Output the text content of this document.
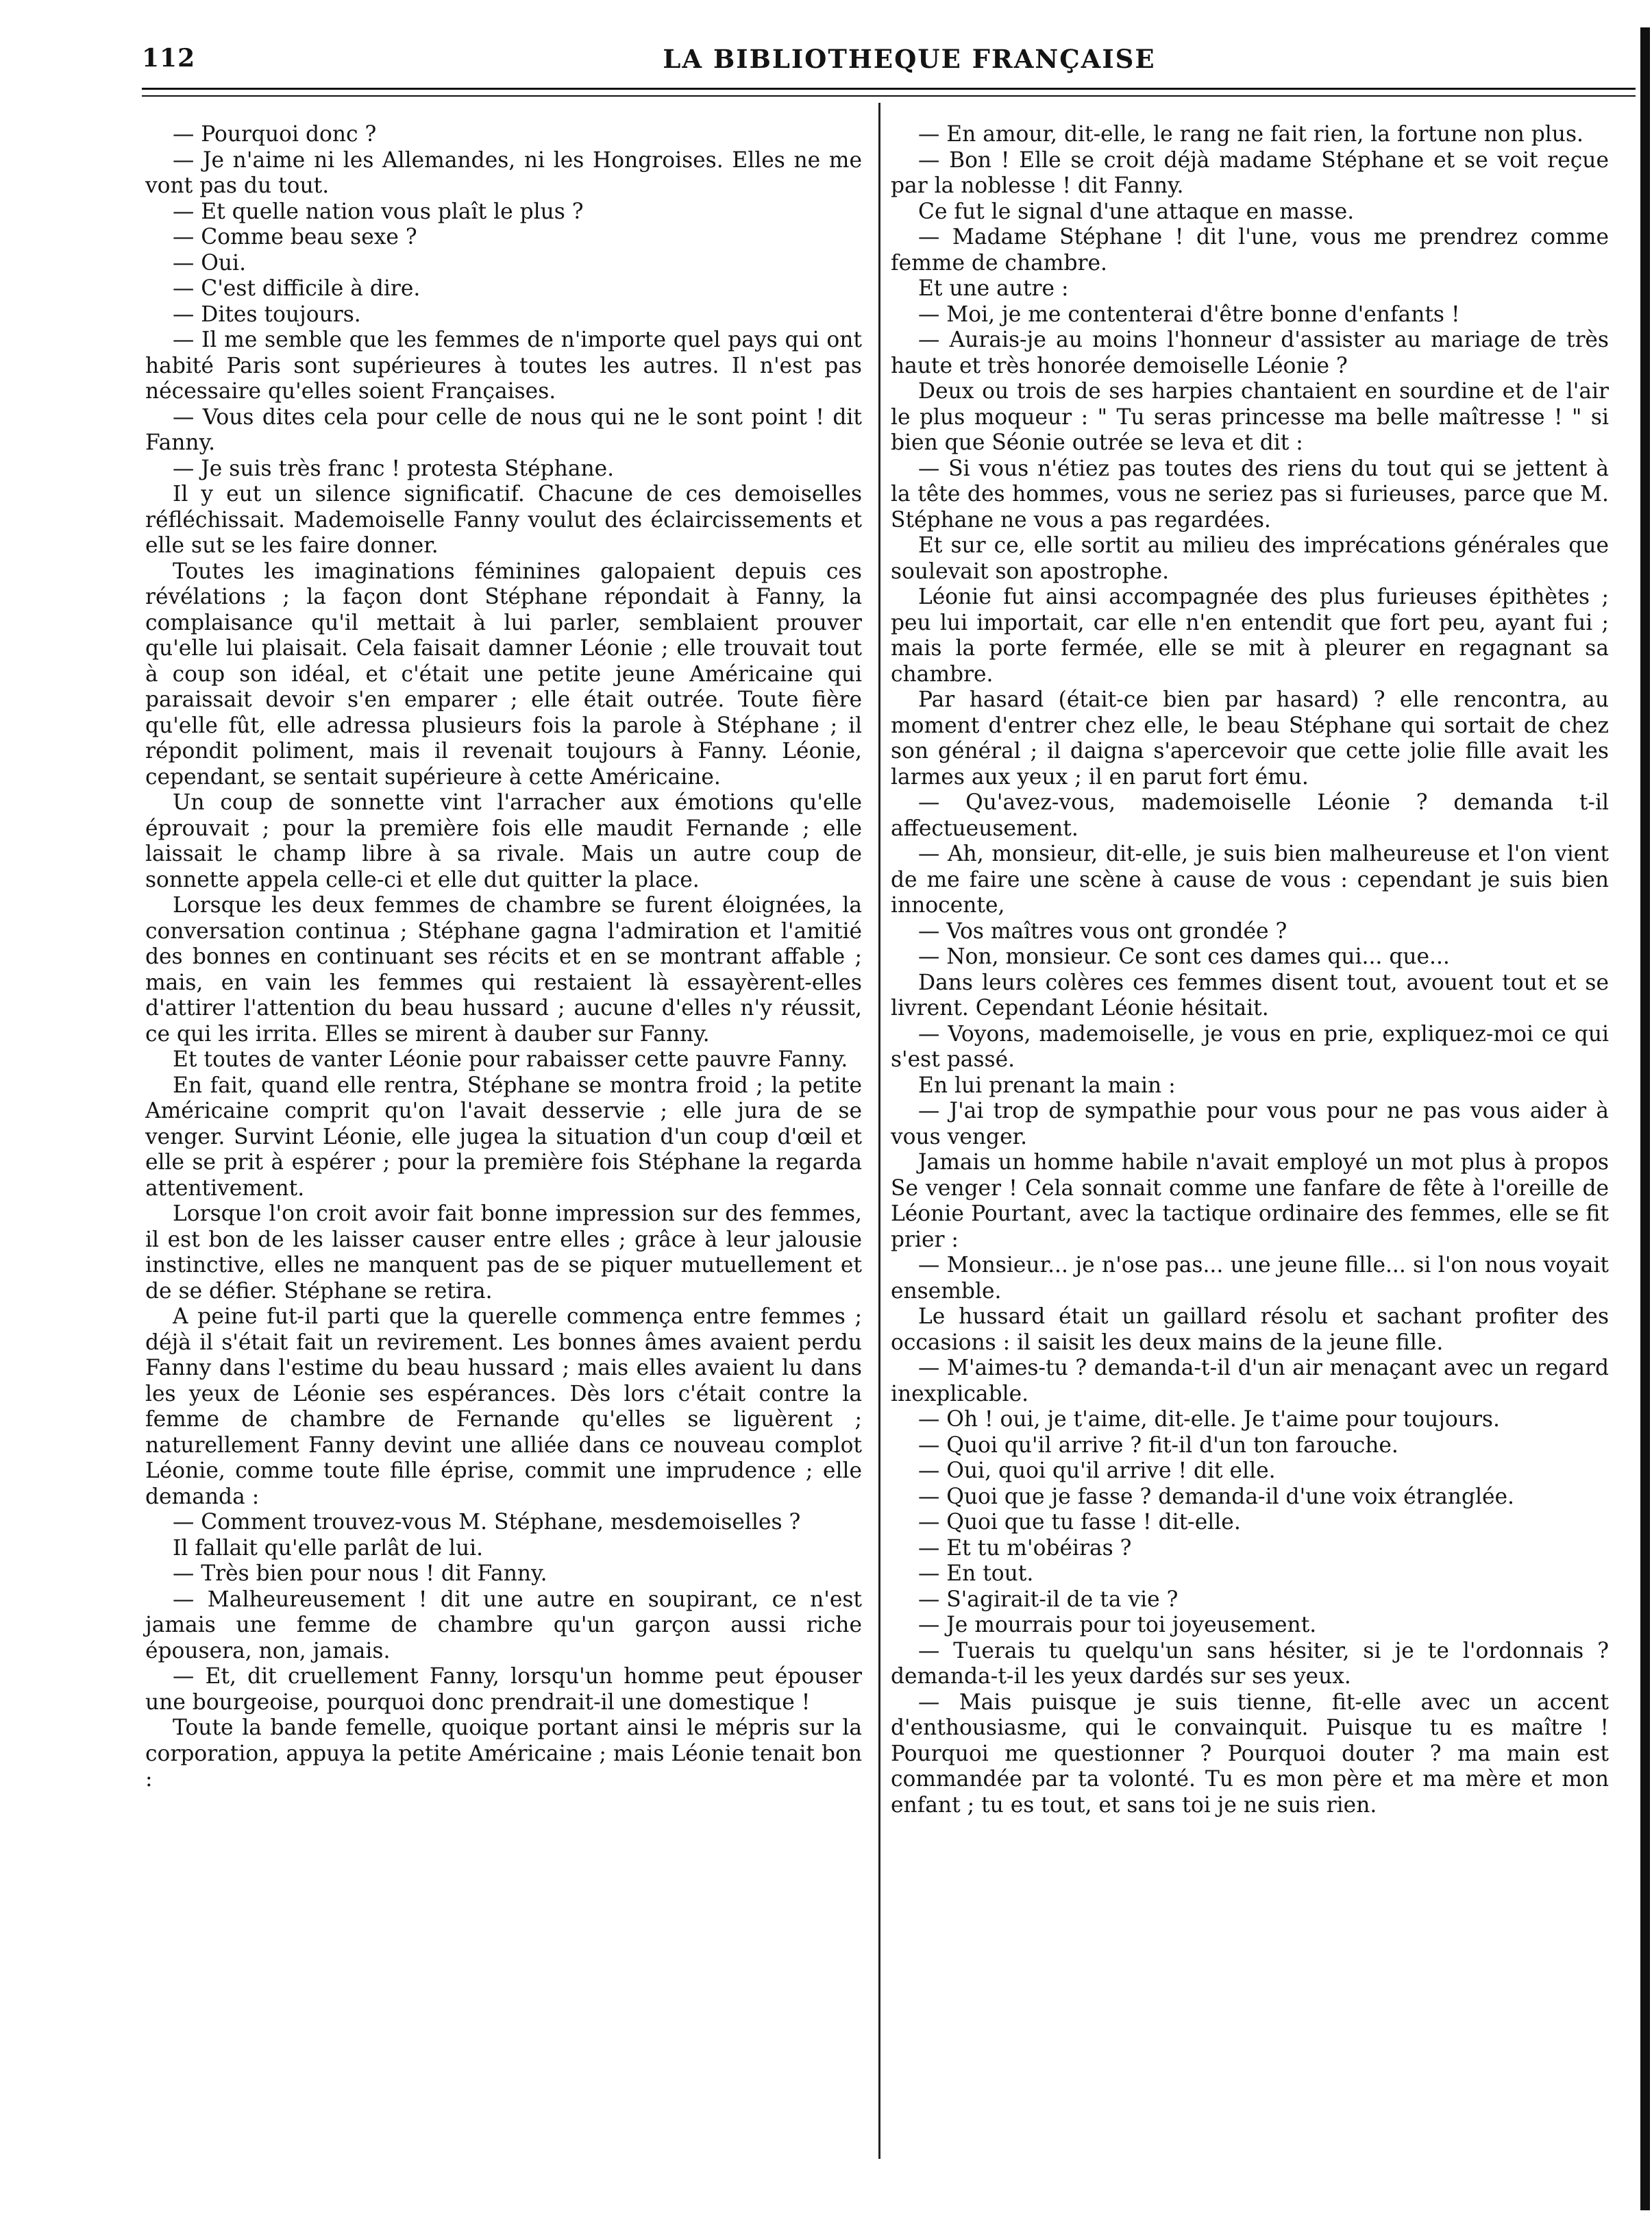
112	LA BIBLIOTHEQUE FRANÇAISE

— Pourquoi donc ?

— Je n'aime ni les Allemandes, ni les Hongroises. Elles ne me vont pas du tout.

— Et quelle nation vous plaît le plus ?

— Comme beau sexe ?

— Oui.

— C'est difficile à dire.

— Dites toujours.

— Il me semble que les femmes de n'importe quel pays qui ont habité Paris sont supérieures à toutes les autres. Il n'est pas nécessaire qu'elles soient Françaises.

— Vous dites cela pour celle de nous qui ne le sont point ! dit Fanny.

— Je suis très franc ! protesta Stéphane.

Il y eut un silence significatif. Chacune de ces demoiselles réfléchissait. Mademoiselle Fanny voulut des éclaircissements et elle sut se les faire donner.

Toutes les imaginations féminines galopaient depuis ces révélations ; la façon dont Stéphane répondait à Fanny, la complaisance qu'il mettait à lui parler, semblaient prouver qu'elle lui plaisait. Cela faisait damner Léonie ; elle trouvait tout à coup son idéal, et c'était une petite jeune Américaine qui paraissait devoir s'en emparer ; elle était outrée. Toute fière qu'elle fût, elle adressa plusieurs fois la parole à Stéphane ; il répondit poliment, mais il revenait toujours à Fanny. Léonie, cependant, se sentait supérieure à cette Américaine.

Un coup de sonnette vint l'arracher aux émotions qu'elle éprouvait ; pour la première fois elle maudit Fernande ; elle laissait le champ libre à sa rivale. Mais un autre coup de sonnette appela celle-ci et elle dut quitter la place.

Lorsque les deux femmes de chambre se furent éloignées, la conversation continua ; Stéphane gagna l'admiration et l'amitié des bonnes en continuant ses récits et en se montrant affable ; mais, en vain les femmes qui restaient là essayèrent-elles d'attirer l'attention du beau hussard ; aucune d'elles n'y réussit, ce qui les irrita. Elles se mirent à dauber sur Fanny.

Et toutes de vanter Léonie pour rabaisser cette pauvre Fanny.

En fait, quand elle rentra, Stéphane se montra froid ; la petite Américaine comprit qu'on l'avait desservie ; elle jura de se venger. Survint Léonie, elle jugea la situation d'un coup d'œil et elle se prit à espérer ; pour la première fois Stéphane la regarda attentivement.

Lorsque l'on croit avoir fait bonne impression sur des femmes, il est bon de les laisser causer entre elles ; grâce à leur jalousie instinctive, elles ne manquent pas de se piquer mutuellement et de se défier. Stéphane se retira.

A peine fut-il parti que la querelle commença entre femmes ; déjà il s'était fait un revirement. Les bonnes âmes avaient perdu Fanny dans l'estime du beau hussard ; mais elles avaient lu dans les yeux de Léonie ses espérances. Dès lors c'était contre la femme de chambre de Fernande qu'elles se liguèrent ; naturellement Fanny devint une alliée dans ce nouveau complot Léonie, comme toute fille éprise, commit une imprudence ; elle demanda :

— Comment trouvez-vous M. Stéphane, mesdemoiselles ?

Il fallait qu'elle parlât de lui.

— Très bien pour nous ! dit Fanny.

— Malheureusement ! dit une autre en soupirant, ce n'est jamais une femme de chambre qu'un garçon aussi riche épousera, non, jamais.

— Et, dit cruellement Fanny, lorsqu'un homme peut épouser une bourgeoise, pourquoi donc prendrait-il une domestique !

Toute la bande femelle, quoique portant ainsi le mépris sur la corporation, appuya la petite Américaine ; mais Léonie tenait bon :

— En amour, dit-elle, le rang ne fait rien, la fortune non plus.

— Bon ! Elle se croit déjà madame Stéphane et se voit reçue par la noblesse ! dit Fanny.

Ce fut le signal d'une attaque en masse.

— Madame Stéphane ! dit l'une, vous me prendrez comme femme de chambre.

Et une autre :

— Moi, je me contenterai d'être bonne d'enfants !

— Aurais-je au moins l'honneur d'assister au mariage de très haute et très honorée demoiselle Léonie ?

Deux ou trois de ses harpies chantaient en sourdine et de l'air le plus moqueur : " Tu seras princesse ma belle maîtresse ! " si bien que Séonie outrée se leva et dit :

— Si vous n'étiez pas toutes des riens du tout qui se jettent à la tête des hommes, vous ne seriez pas si furieuses, parce que M. Stéphane ne vous a pas regardées.

Et sur ce, elle sortit au milieu des imprécations générales que soulevait son apostrophe.

Léonie fut ainsi accompagnée des plus furieuses épithètes ; peu lui importait, car elle n'en entendit que fort peu, ayant fui ; mais la porte fermée, elle se mit à pleurer en regagnant sa chambre.

Par hasard (était-ce bien par hasard) ? elle rencontra, au moment d'entrer chez elle, le beau Stéphane qui sortait de chez son général ; il daigna s'apercevoir que cette jolie fille avait les larmes aux yeux ; il en parut fort ému.

— Qu'avez-vous, mademoiselle Léonie ? demanda t-il affectueusement.

— Ah, monsieur, dit-elle, je suis bien malheureuse et l'on vient de me faire une scène à cause de vous : cependant je suis bien innocente,

— Vos maîtres vous ont grondée ?

— Non, monsieur. Ce sont ces dames qui... que...

Dans leurs colères ces femmes disent tout, avouent tout et se livrent. Cependant Léonie hésitait.

— Voyons, mademoiselle, je vous en prie, expliquez-moi ce qui s'est passé.

En lui prenant la main :

— J'ai trop de sympathie pour vous pour ne pas vous aider à vous venger.

Jamais un homme habile n'avait employé un mot plus à propos Se venger ! Cela sonnait comme une fanfare de fête à l'oreille de Léonie Pourtant, avec la tactique ordinaire des femmes, elle se fit prier :

— Monsieur... je n'ose pas... une jeune fille... si l'on nous voyait ensemble.

Le hussard était un gaillard résolu et sachant profiter des occasions : il saisit les deux mains de la jeune fille.

— M'aimes-tu ? demanda-t-il d'un air menaçant avec un regard inexplicable.

— Oh ! oui, je t'aime, dit-elle. Je t'aime pour toujours.

— Quoi qu'il arrive ? fit-il d'un ton farouche.

— Oui, quoi qu'il arrive ! dit elle.

— Quoi que je fasse ? demanda-il d'une voix étranglée.

— Quoi que tu fasse ! dit-elle.

— Et tu m'obéiras ?

— En tout.

— S'agirait-il de ta vie ?

— Je mourrais pour toi joyeusement.

— Tuerais tu quelqu'un sans hésiter, si je te l'ordonnais ? demanda-t-il les yeux dardés sur ses yeux.

— Mais puisque je suis tienne, fit-elle avec un accent d'enthousiasme, qui le convainquit. Puisque tu es maître ! Pourquoi me questionner ? Pourquoi douter ? ma main est commandée par ta volonté. Tu es mon père et ma mère et mon enfant ; tu es tout, et sans toi je ne suis rien.
